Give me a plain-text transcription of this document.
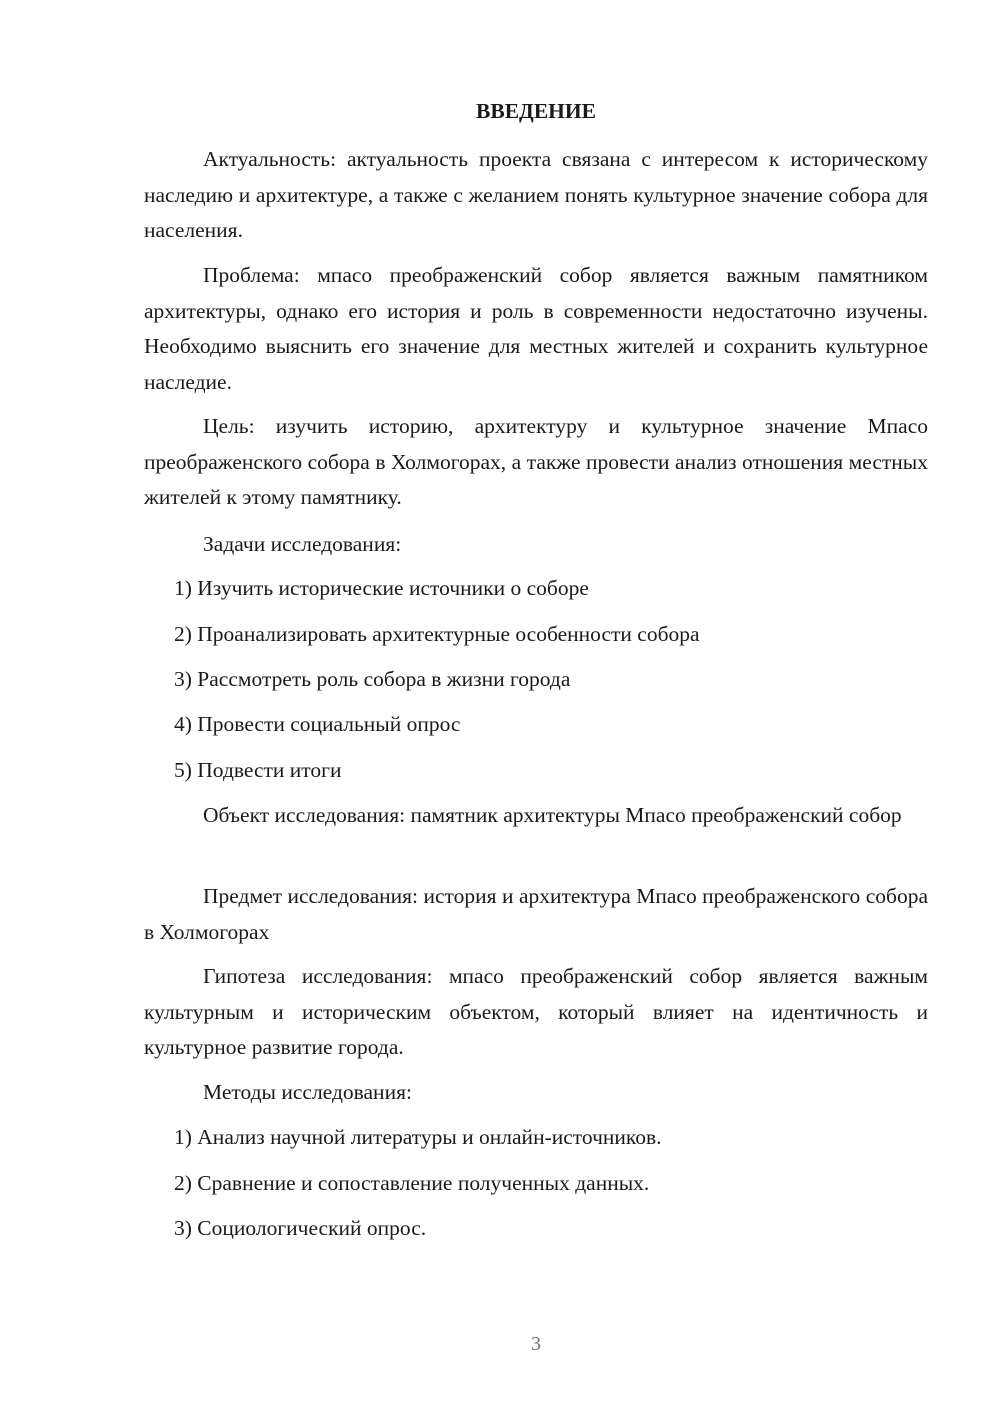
ВВЕДЕНИЕ

Актуальность: актуальность проекта связана с интересом к историческому наследию и архитектуре, а также с желанием понять культурное значение собора для населения.

Проблема: мпасо преображенский собор является важным памятником архитектуры, однако его история и роль в современности недостаточно изучены. Необходимо выяснить его значение для местных жителей и сохранить культурное наследие.

Цель: изучить историю, архитектуру и культурное значение Мпасо преображенского собора в Холмогорах, а также провести анализ отношения местных жителей к этому памятнику.

Задачи исследования:

1) Изучить исторические источники о соборе

2) Проанализировать архитектурные особенности собора

3) Рассмотреть роль собора в жизни города

4) Провести социальный опрос

5) Подвести итоги

Объект исследования: памятник архитектуры Мпасо преображенский собор

Предмет исследования: история и архитектура Мпасо преображенского собора в Холмогорах

Гипотеза исследования: мпасо преображенский собор является важным культурным и историческим объектом, который влияет на идентичность и культурное развитие города.

Методы исследования:

1) Анализ научной литературы и онлайн-источников.

2) Сравнение и сопоставление полученных данных.

3) Социологический опрос.

3
